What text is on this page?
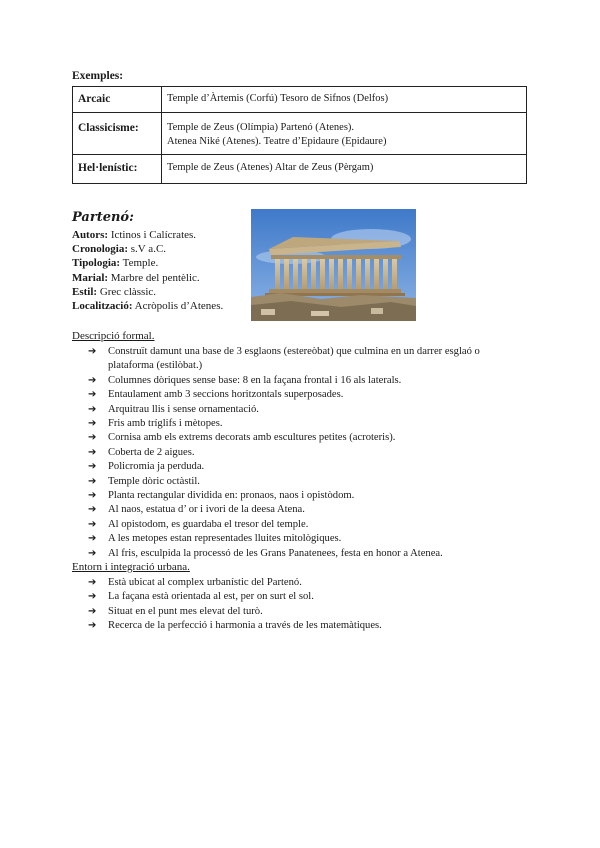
Exemples:
Arcaic	Temple d’Àrtemis (Corfú) Tesoro de Sifnos (Delfos)

Classicisme:	Temple de Zeus (Olímpia) Partenó (Atenes).
Atenea Niké (Atenes). Teatre d’Epidaure (Epidaure)

Hel·lenístic:	Temple de Zeus (Atenes) Altar de Zeus (Pèrgam)
Partenó:
Autors: Ictinos i Calícrates.
Cronologia: s.V a.C.
Tipologia: Temple.
Marial: Marbre del pentèlic.
Estil: Grec clàssic.
Localització: Acròpolis d’Atenes.
Descripció formal.
➔ Construït damunt una base de 3 esglaons (estereòbat) que culmina en un darrer esglaó o plataforma (estilòbat.)
➔ Columnes dòriques sense base: 8 en la façana frontal i 16 als laterals.
➔ Entaulament amb 3 seccions horitzontals superposades.
➔ Arquitrau llis i sense ornamentació.
➔ Fris amb tríglifs i mètopes.
➔ Cornisa amb els extrems decorats amb escultures petites (acroteris).
➔ Coberta de 2 aigues.
➔ Policromia ja perduda.
➔ Temple dòric octàstil.
➔ Planta rectangular dividida en: pronaos, naos i opistòdom.
➔ Al naos, estatua d’ or i ivori de la deesa Atena.
➔ Al opistodom, es guardaba el tresor del temple.
➔ A les metopes estan representades lluites mitològiques.
➔ Al fris, esculpida la processó de les Grans Panatenees, festa en honor a Atenea.
Entorn i integració urbana.
➔ Està ubicat al complex urbanístic del Partenó.
➔ La façana està orientada al est, per on surt el sol.
➔ Situat en el punt mes elevat del turò.
➔ Recerca de la perfecció i harmonia a través de les matemàtiques.
